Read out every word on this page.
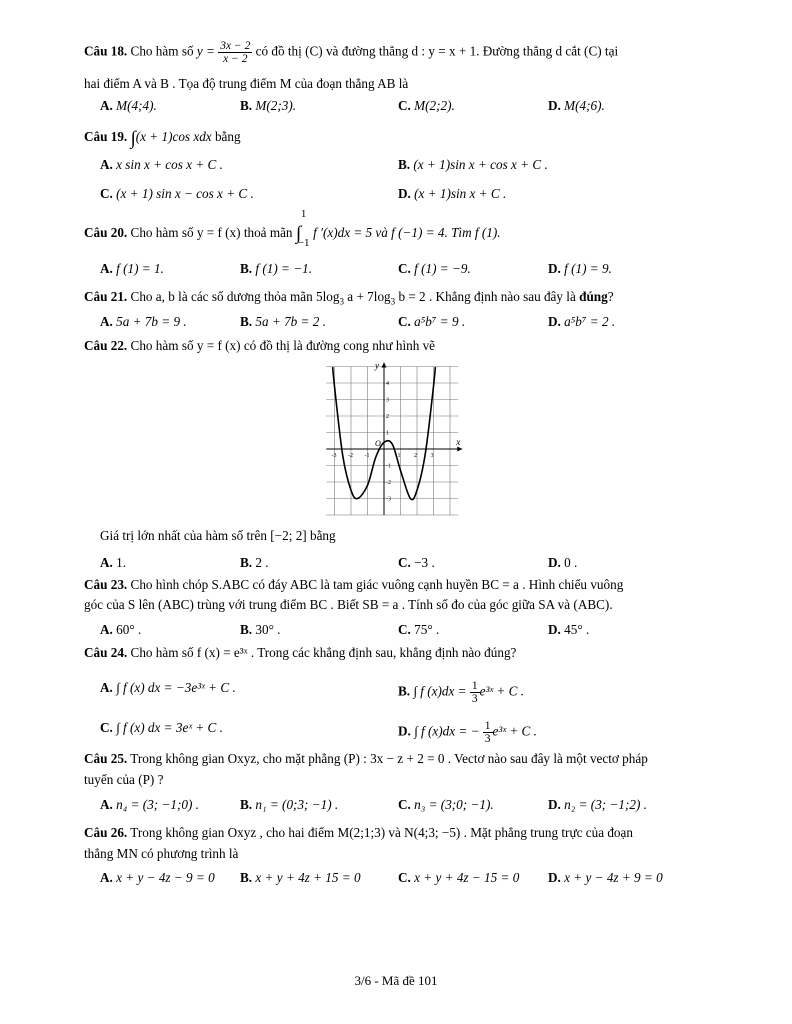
Câu 18. Cho hàm số $y = \frac{3x - 2}{x - 2}$ có đồ thị (C) và đường thẳng d : y = x + 1. Đường thẳng d cắt (C) tại
hai điểm A và B . Tọa độ trung điểm M của đoạn thẳng AB là
A. M(4;4).	B. M(2;3).	C. M(2;2).	D. M(4;6).
Câu 19. ∫(x + 1)cos xdx bằng
A. x sin x + cos x + C .	B. (x + 1)sin x + cos x + C .
C. (x + 1) sin x − cos x + C .	D. (x + 1)sin x + C .
Câu 20. Cho hàm số y = f (x) thoả mãn
1
∫
−1
f ′(x)dx = 5 và f (−1) = 4. Tìm f (1).
A. f (1) = 1.	B. f (1) = −1.	C. f (1) = −9.	D. f (1) = 9.
Câu 21. Cho a, b là các số dương thỏa mãn $5\log_3$ $a + 7\log_3$ b = 2 . Khẳng định nào sau đây là đúng?
A. 5a + 7b = 9 .	B. 5a + 7b = 2 .	C. a⁵b⁷ = 9 .	D. a⁵b⁷ = 2 .
Câu 22. Cho hàm số y = f (x) có đồ thị là đường cong như hình vẽ
x
y
O
-3 -2 -1	1 2 3
4
3
2
1
-1
-2
-3
Giá trị lớn nhất của hàm số trên [−2; 2] bằng
A. 1.	B. 2 .	C. −3 .	D. 0 .
Câu 23. Cho hình chóp S.ABC có đáy ABC là tam giác vuông cạnh huyền BC = a . Hình chiếu vuông
góc của S lên (ABC) trùng với trung điểm BC . Biết SB = a . Tính số đo của góc giữa SA và (ABC).
A. 60° .	B. 30° .	C. 75° .	D. 45° .
Câu 24. Cho hàm số f (x) = e³ˣ . Trong các khẳng định sau, khẳng định nào đúng?
A. ∫ f (x) dx = −3e³ˣ + C .	B. ∫ f $(x)dx = \frac{1}{3}$ e³ˣ + C .
C. ∫ f (x) dx = 3eˣ + C .	D. ∫ f (x)dx = − $\frac{1}{3}$ e³ˣ + C .
Câu 25. Trong không gian Oxyz, cho mặt phẳng (P) : 3x − z + 2 = 0 . Vectơ nào sau đây là một vectơ pháp
tuyến của (P) ?
A. n₄ = (3; −1;0) .	B. n₁ = (0;3; −1) .	C. n₃ = (3;0; −1).	D. n₂ = (3; −1;2) .
Câu 26. Trong không gian Oxyz , cho hai điểm M(2;1;3) và N(4;3; −5) . Mặt phẳng trung trực của đoạn
thẳng MN có phương trình là
A. x + y − 4z − 9 = 0 B. x + y + 4z + 15 = 0	C. x + y + 4z − 15 = 0 D. x + y − 4z + 9 = 0
3/6 - Mã đề 101
